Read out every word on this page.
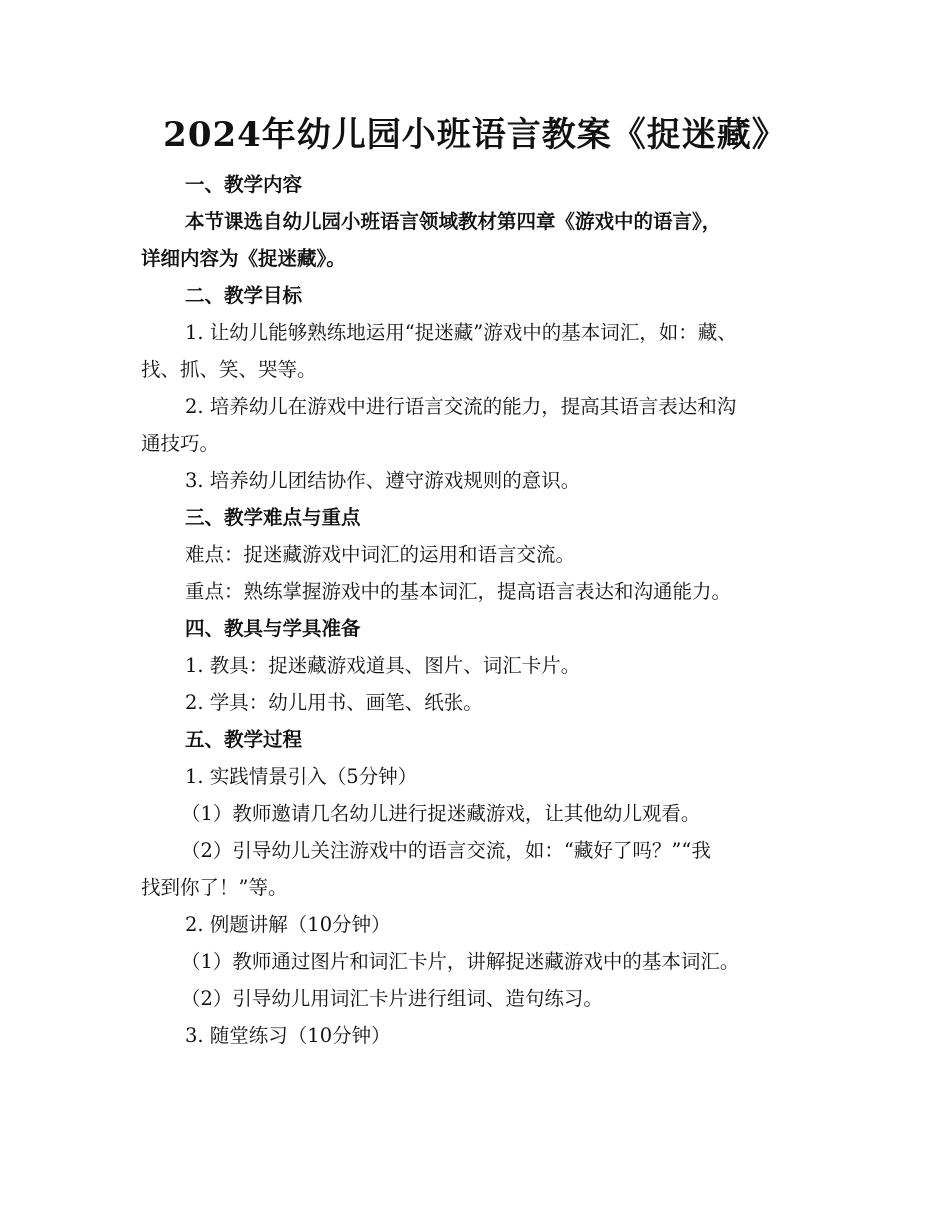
2024年幼儿园小班语言教案《捉迷藏》
一、教学内容
本节课选自幼儿园小班语言领域教材第四章《游戏中的语言》，
详细内容为《捉迷藏》。
二、教学目标
1. 让幼儿能够熟练地运用“捉迷藏”游戏中的基本词汇，如：藏、
找、抓、笑、哭等。
2. 培养幼儿在游戏中进行语言交流的能力，提高其语言表达和沟
通技巧。
3. 培养幼儿团结协作、遵守游戏规则的意识。
三、教学难点与重点
难点：捉迷藏游戏中词汇的运用和语言交流。
重点：熟练掌握游戏中的基本词汇，提高语言表达和沟通能力。
四、教具与学具准备
1. 教具：捉迷藏游戏道具、图片、词汇卡片。
2. 学具：幼儿用书、画笔、纸张。
五、教学过程
1. 实践情景引入（5分钟）
（1）教师邀请几名幼儿进行捉迷藏游戏，让其他幼儿观看。
（2）引导幼儿关注游戏中的语言交流，如：“藏好了吗？”“我
找到你了！”等。
2. 例题讲解（10分钟）
（1）教师通过图片和词汇卡片，讲解捉迷藏游戏中的基本词汇。
（2）引导幼儿用词汇卡片进行组词、造句练习。
3. 随堂练习（10分钟）
